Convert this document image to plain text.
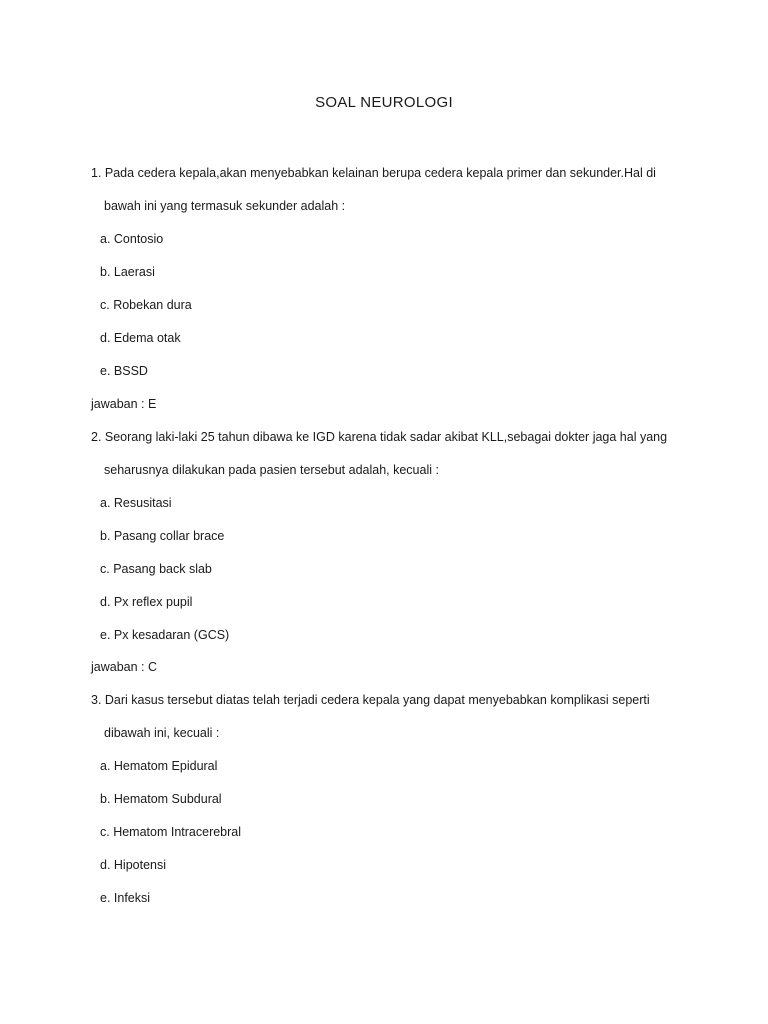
SOAL NEUROLOGI
1. Pada cedera kepala,akan menyebabkan kelainan berupa cedera kepala primer dan sekunder.Hal di
bawah ini yang termasuk sekunder adalah :
a. Contosio
b. Laerasi
c. Robekan dura
d. Edema otak
e. BSSD
jawaban : E
2. Seorang laki-laki 25 tahun dibawa ke IGD karena tidak sadar akibat KLL,sebagai dokter jaga hal yang
seharusnya dilakukan pada pasien tersebut adalah, kecuali :
a. Resusitasi
b. Pasang collar brace
c. Pasang back slab
d. Px reflex pupil
e. Px kesadaran (GCS)
jawaban : C
3. Dari kasus tersebut diatas telah terjadi cedera kepala yang dapat menyebabkan komplikasi seperti
dibawah ini, kecuali :
a. Hematom Epidural
b. Hematom Subdural
c. Hematom Intracerebral
d. Hipotensi
e. Infeksi
